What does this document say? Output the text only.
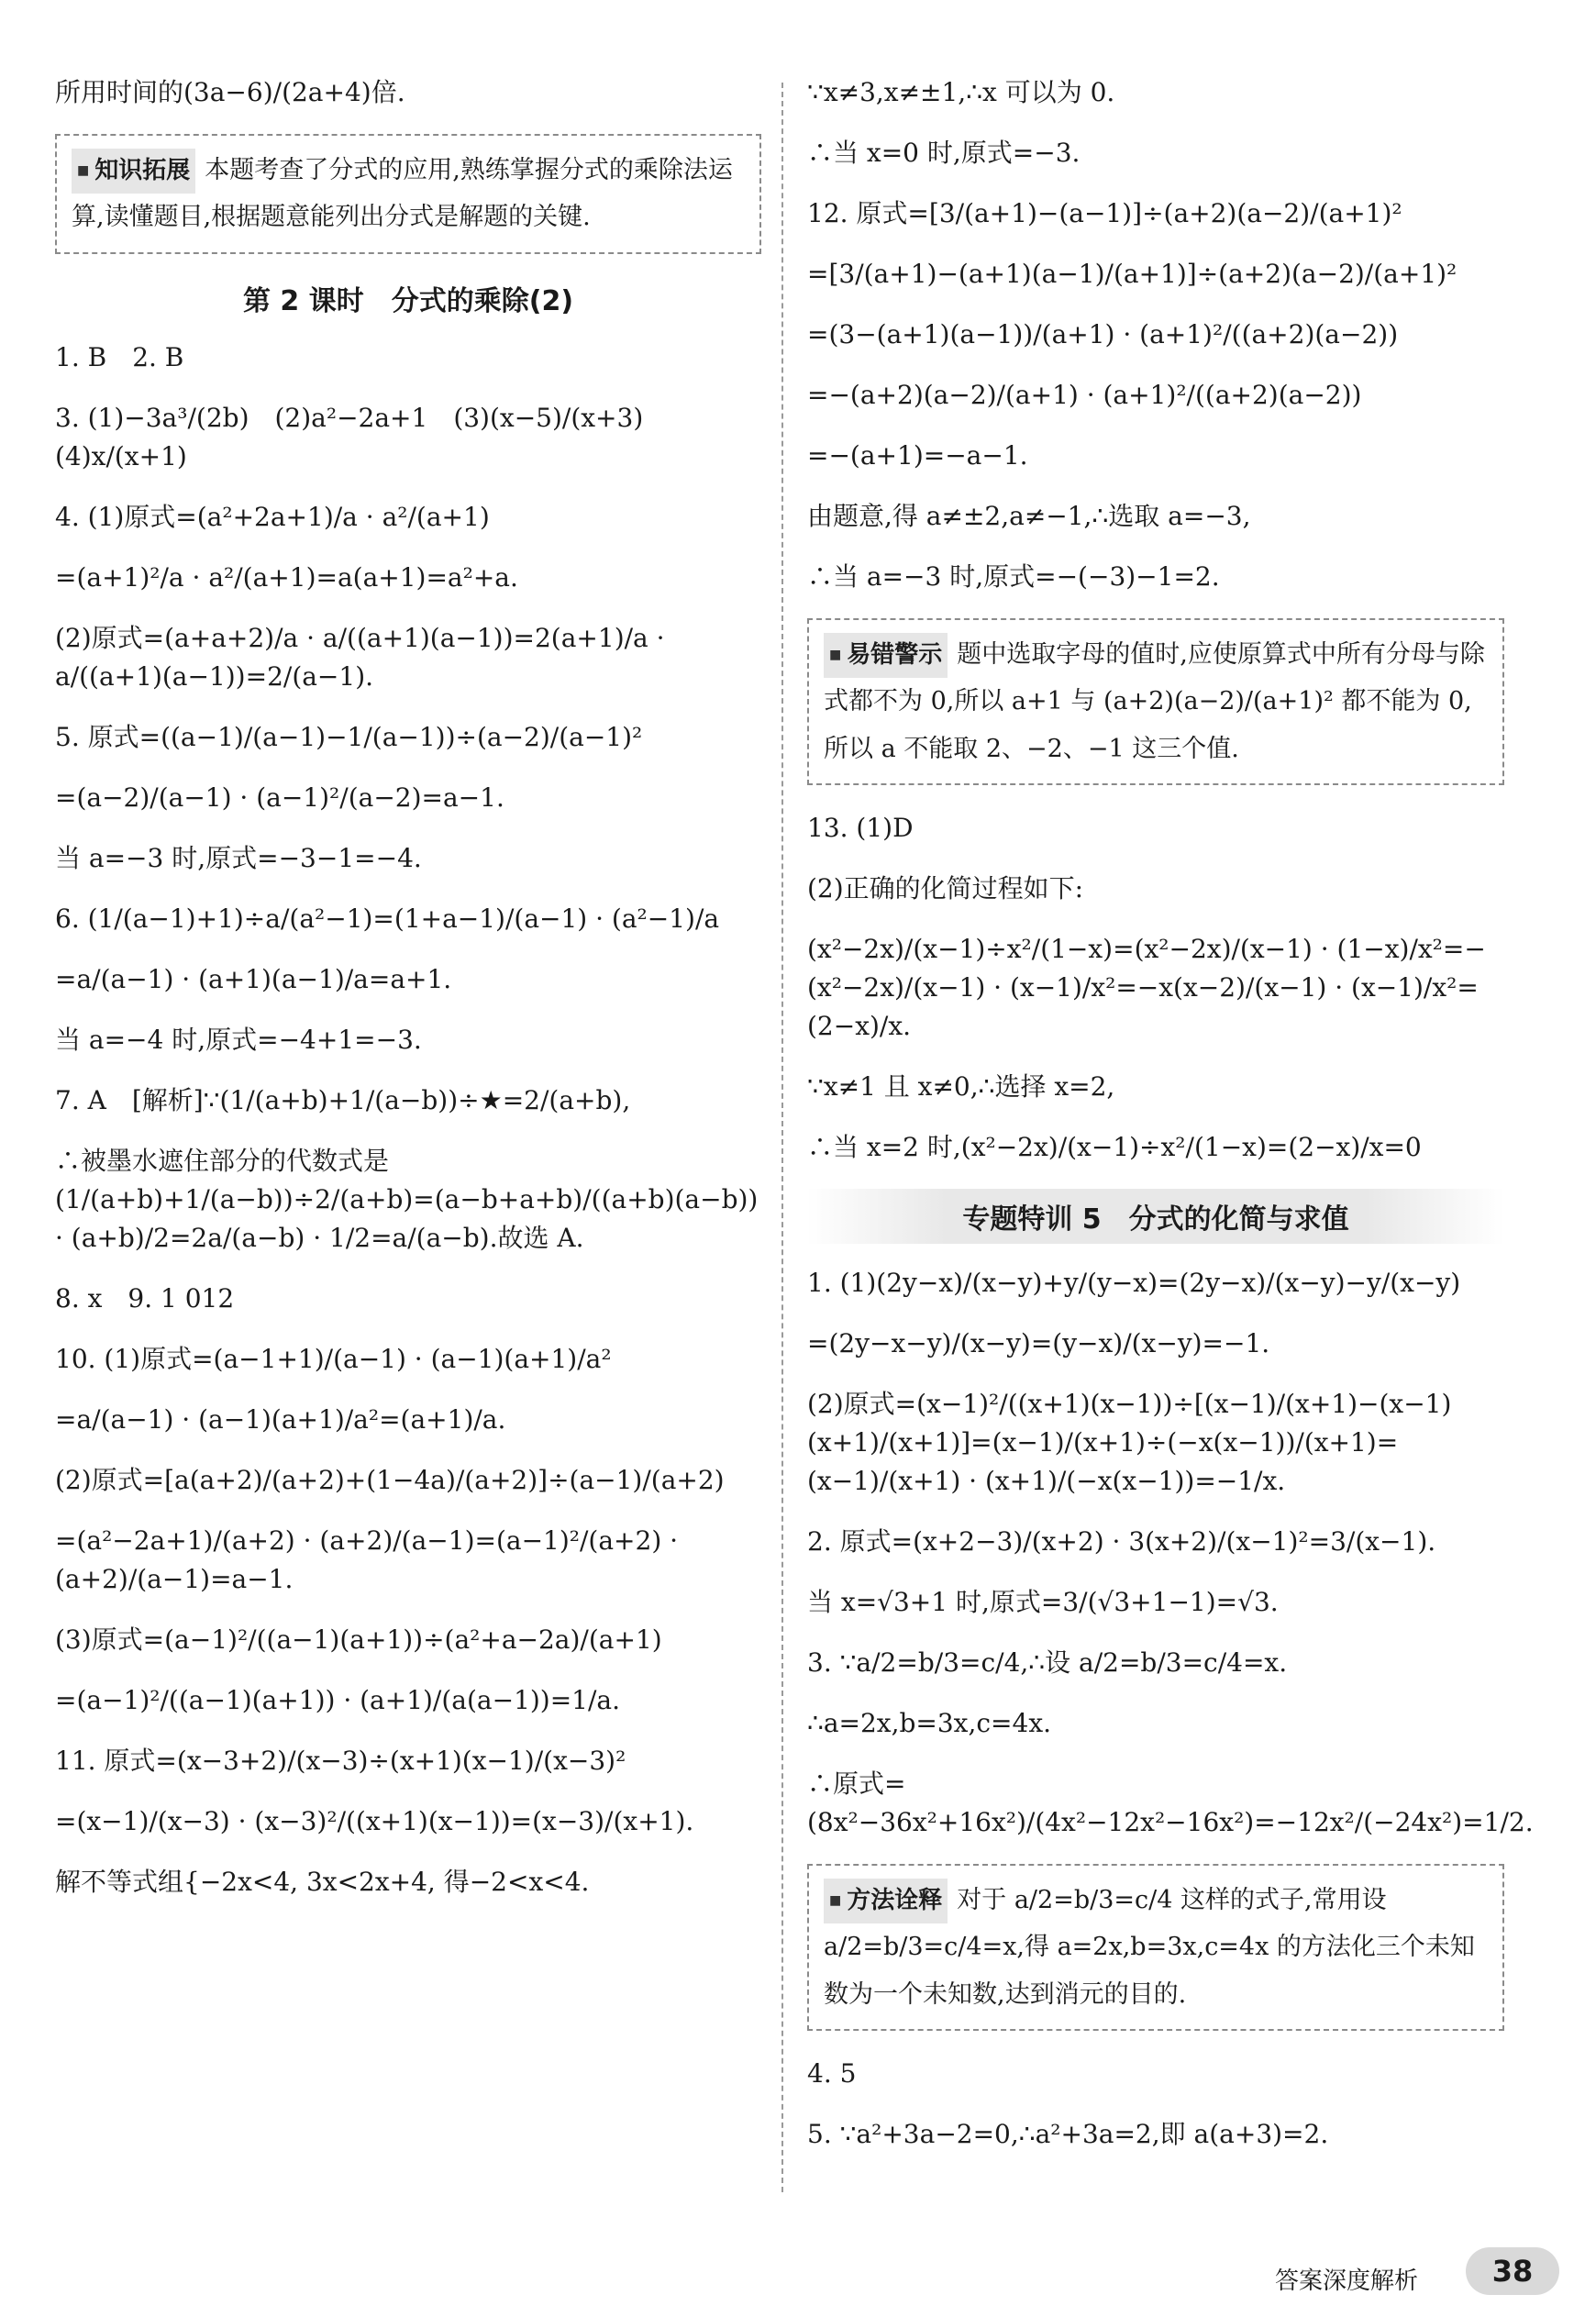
所用时间的(3a−6)/(2a+4)倍.
■ 知识拓展 本题考查了分式的应用,熟练掌握分式的乘除法运算,读懂题目,根据题意能列出分式是解题的关键.
第 2 课时　分式的乘除(2)
1. B　2. B
3. (1)−3a³/(2b)　(2)a²−2a+1　(3)(x−5)/(x+3)　(4)x/(x+1)
4. (1)原式=(a²+2a+1)/a · a²/(a+1)
=(a+1)²/a · a²/(a+1)=a(a+1)=a²+a.
(2)原式=(a+a+2)/a · a/((a+1)(a−1))=2(a+1)/a · a/((a+1)(a−1))=2/(a−1).
5. 原式=((a−1)/(a−1)−1/(a−1))÷(a−2)/(a−1)²
=(a−2)/(a−1) · (a−1)²/(a−2)=a−1.
当 a=−3 时,原式=−3−1=−4.
6. (1/(a−1)+1)÷a/(a²−1)=(1+a−1)/(a−1) · (a²−1)/a
=a/(a−1) · (a+1)(a−1)/a=a+1.
当 a=−4 时,原式=−4+1=−3.
7. A　[解析]∵(1/(a+b)+1/(a−b))÷★=2/(a+b),
∴被墨水遮住部分的代数式是(1/(a+b)+1/(a−b))÷2/(a+b)=(a−b+a+b)/((a+b)(a−b)) · (a+b)/2=2a/(a−b) · 1/2=a/(a−b).故选 A.
8. x　9. 1 012
10. (1)原式=(a−1+1)/(a−1) · (a−1)(a+1)/a²
=a/(a−1) · (a−1)(a+1)/a²=(a+1)/a.
(2)原式=[a(a+2)/(a+2)+(1−4a)/(a+2)]÷(a−1)/(a+2)
=(a²−2a+1)/(a+2) · (a+2)/(a−1)=(a−1)²/(a+2) · (a+2)/(a−1)=a−1.
(3)原式=(a−1)²/((a−1)(a+1))÷(a²+a−2a)/(a+1)
=(a−1)²/((a−1)(a+1)) · (a+1)/(a(a−1))=1/a.
11. 原式=(x−3+2)/(x−3)÷(x+1)(x−1)/(x−3)²
=(x−1)/(x−3) · (x−3)²/((x+1)(x−1))=(x−3)/(x+1).
解不等式组{−2x<4, 3x<2x+4, 得−2<x<4.
∵x≠3,x≠±1,∴x 可以为 0.
∴当 x=0 时,原式=−3.
12. 原式=[3/(a+1)−(a−1)]÷(a+2)(a−2)/(a+1)²
=[3/(a+1)−(a+1)(a−1)/(a+1)]÷(a+2)(a−2)/(a+1)²
=(3−(a+1)(a−1))/(a+1) · (a+1)²/((a+2)(a−2))
=−(a+2)(a−2)/(a+1) · (a+1)²/((a+2)(a−2))
=−(a+1)=−a−1.
由题意,得 a≠±2,a≠−1,∴选取 a=−3,
∴当 a=−3 时,原式=−(−3)−1=2.
■ 易错警示 题中选取字母的值时,应使原算式中所有分母与除式都不为 0,所以 a+1 与 (a+2)(a−2)/(a+1)² 都不能为 0,所以 a 不能取 2、−2、−1 这三个值.
13. (1)D
(2)正确的化简过程如下:
(x²−2x)/(x−1)÷x²/(1−x)=(x²−2x)/(x−1) · (1−x)/x²=−(x²−2x)/(x−1) · (x−1)/x²=−x(x−2)/(x−1) · (x−1)/x²=(2−x)/x.
∵x≠1 且 x≠0,∴选择 x=2,
∴当 x=2 时,(x²−2x)/(x−1)÷x²/(1−x)=(2−x)/x=0
专题特训 5　分式的化简与求值
1. (1)(2y−x)/(x−y)+y/(y−x)=(2y−x)/(x−y)−y/(x−y)
=(2y−x−y)/(x−y)=(y−x)/(x−y)=−1.
(2)原式=(x−1)²/((x+1)(x−1))÷[(x−1)/(x+1)−(x−1)(x+1)/(x+1)]=(x−1)/(x+1)÷(−x(x−1))/(x+1)=(x−1)/(x+1) · (x+1)/(−x(x−1))=−1/x.
2. 原式=(x+2−3)/(x+2) · 3(x+2)/(x−1)²=3/(x−1).
当 x=√3+1 时,原式=3/(√3+1−1)=√3.
3. ∵a/2=b/3=c/4,∴设 a/2=b/3=c/4=x.
∴a=2x,b=3x,c=4x.
∴原式=(8x²−36x²+16x²)/(4x²−12x²−16x²)=−12x²/(−24x²)=1/2.
■ 方法诠释 对于 a/2=b/3=c/4 这样的式子,常用设 a/2=b/3=c/4=x,得 a=2x,b=3x,c=4x 的方法化三个未知数为一个未知数,达到消元的目的.
4. 5
5. ∵a²+3a−2=0,∴a²+3a=2,即 a(a+3)=2.
答案深度解析	38
